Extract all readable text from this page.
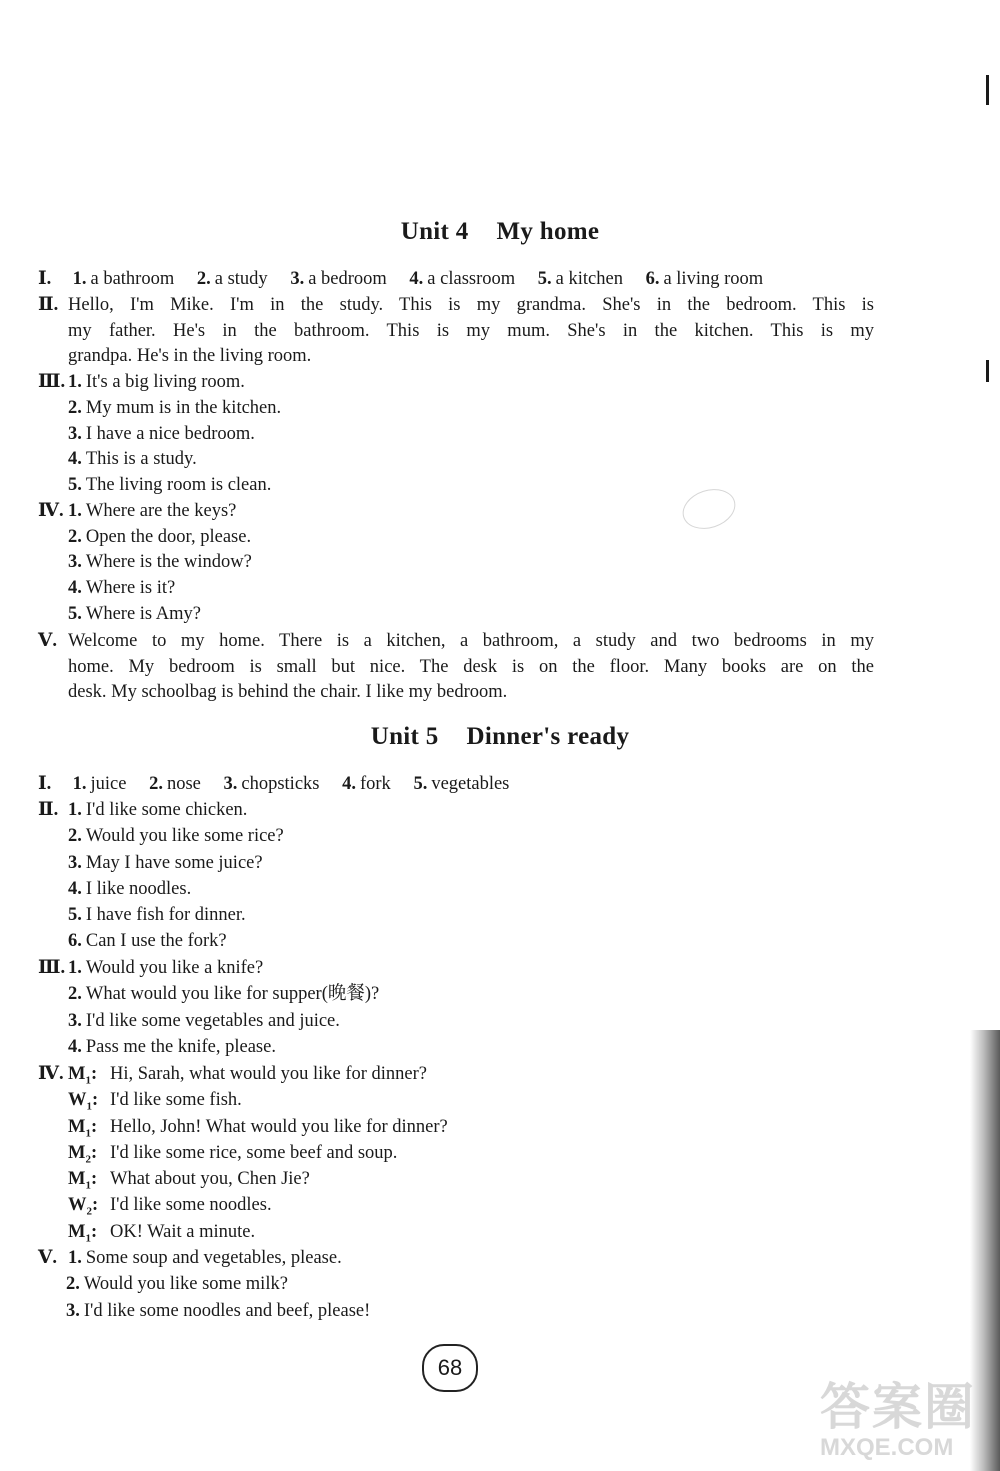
Unit 4 My home
Ⅰ. 1. a bathroom 2. a study 3. a bedroom 4. a classroom 5. a kitchen 6. a living room
Ⅱ. Hello, I'm Mike. I'm in the study. This is my grandma. She's in the bedroom. This is
my father. He's in the bathroom. This is my mum. She's in the kitchen. This is my
grandpa. He's in the living room.
Ⅲ. 1. It's a big living room.
2. My mum is in the kitchen.
3. I have a nice bedroom.
4. This is a study.
5. The living room is clean.
Ⅳ. 1. Where are the keys?
2. Open the door, please.
3. Where is the window?
4. Where is it?
5. Where is Amy?
Ⅴ. Welcome to my home. There is a kitchen, a bathroom, a study and two bedrooms in my
home. My bedroom is small but nice. The desk is on the floor. Many books are on the
desk. My schoolbag is behind the chair. I like my bedroom.
Unit 5 Dinner's ready
Ⅰ. 1. juice 2. nose 3. chopsticks 4. fork 5. vegetables
Ⅱ. 1. I'd like some chicken.
2. Would you like some rice?
3. May I have some juice?
4. I like noodles.
5. I have fish for dinner.
6. Can I use the fork?
Ⅲ. 1. Would you like a knife?
2. What would you like for supper(晚餐)?
3. I'd like some vegetables and juice.
4. Pass me the knife, please.
Ⅳ. $M_1$: Hi, Sarah, what would you like for dinner?
$W_1$: I'd like some fish.
$M_1$: Hello, John! What would you like for dinner?
$M_2$: I'd like some rice, some beef and soup.
$M_1$: What about you, Chen Jie?
$W_2$: I'd like some noodles.
$M_1$: OK! Wait a minute.
Ⅴ. 1. Some soup and vegetables, please.
2. Would you like some milk?
3. I'd like some noodles and beef, please!
68
答案圈
MXQE.COM
